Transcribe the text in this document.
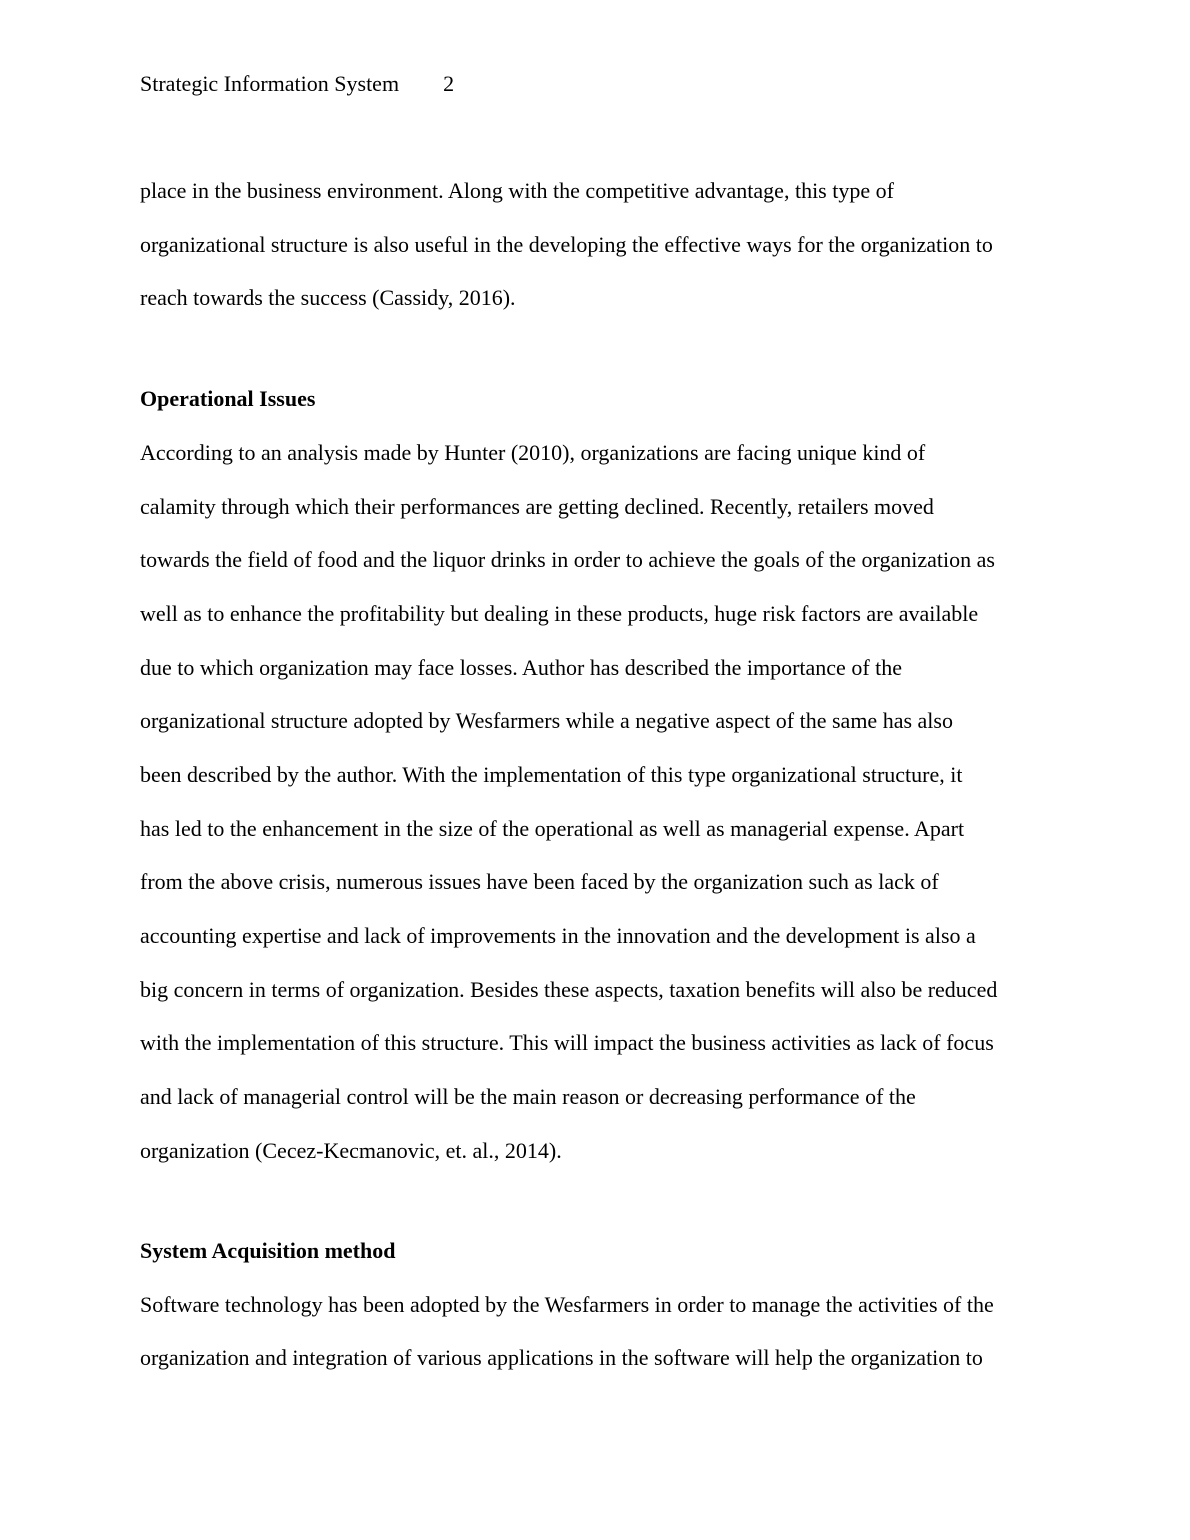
Strategic Information System 2
place in the business environment. Along with the competitive advantage, this type of
organizational structure is also useful in the developing the effective ways for the organization to
reach towards the success (Cassidy, 2016).
Operational Issues
According to an analysis made by Hunter (2010), organizations are facing unique kind of
calamity through which their performances are getting declined. Recently, retailers moved
towards the field of food and the liquor drinks in order to achieve the goals of the organization as
well as to enhance the profitability but dealing in these products, huge risk factors are available
due to which organization may face losses. Author has described the importance of the
organizational structure adopted by Wesfarmers while a negative aspect of the same has also
been described by the author. With the implementation of this type organizational structure, it
has led to the enhancement in the size of the operational as well as managerial expense. Apart
from the above crisis, numerous issues have been faced by the organization such as lack of
accounting expertise and lack of improvements in the innovation and the development is also a
big concern in terms of organization. Besides these aspects, taxation benefits will also be reduced
with the implementation of this structure. This will impact the business activities as lack of focus
and lack of managerial control will be the main reason or decreasing performance of the
organization (Cecez-Kecmanovic, et. al., 2014).
System Acquisition method
Software technology has been adopted by the Wesfarmers in order to manage the activities of the
organization and integration of various applications in the software will help the organization to
